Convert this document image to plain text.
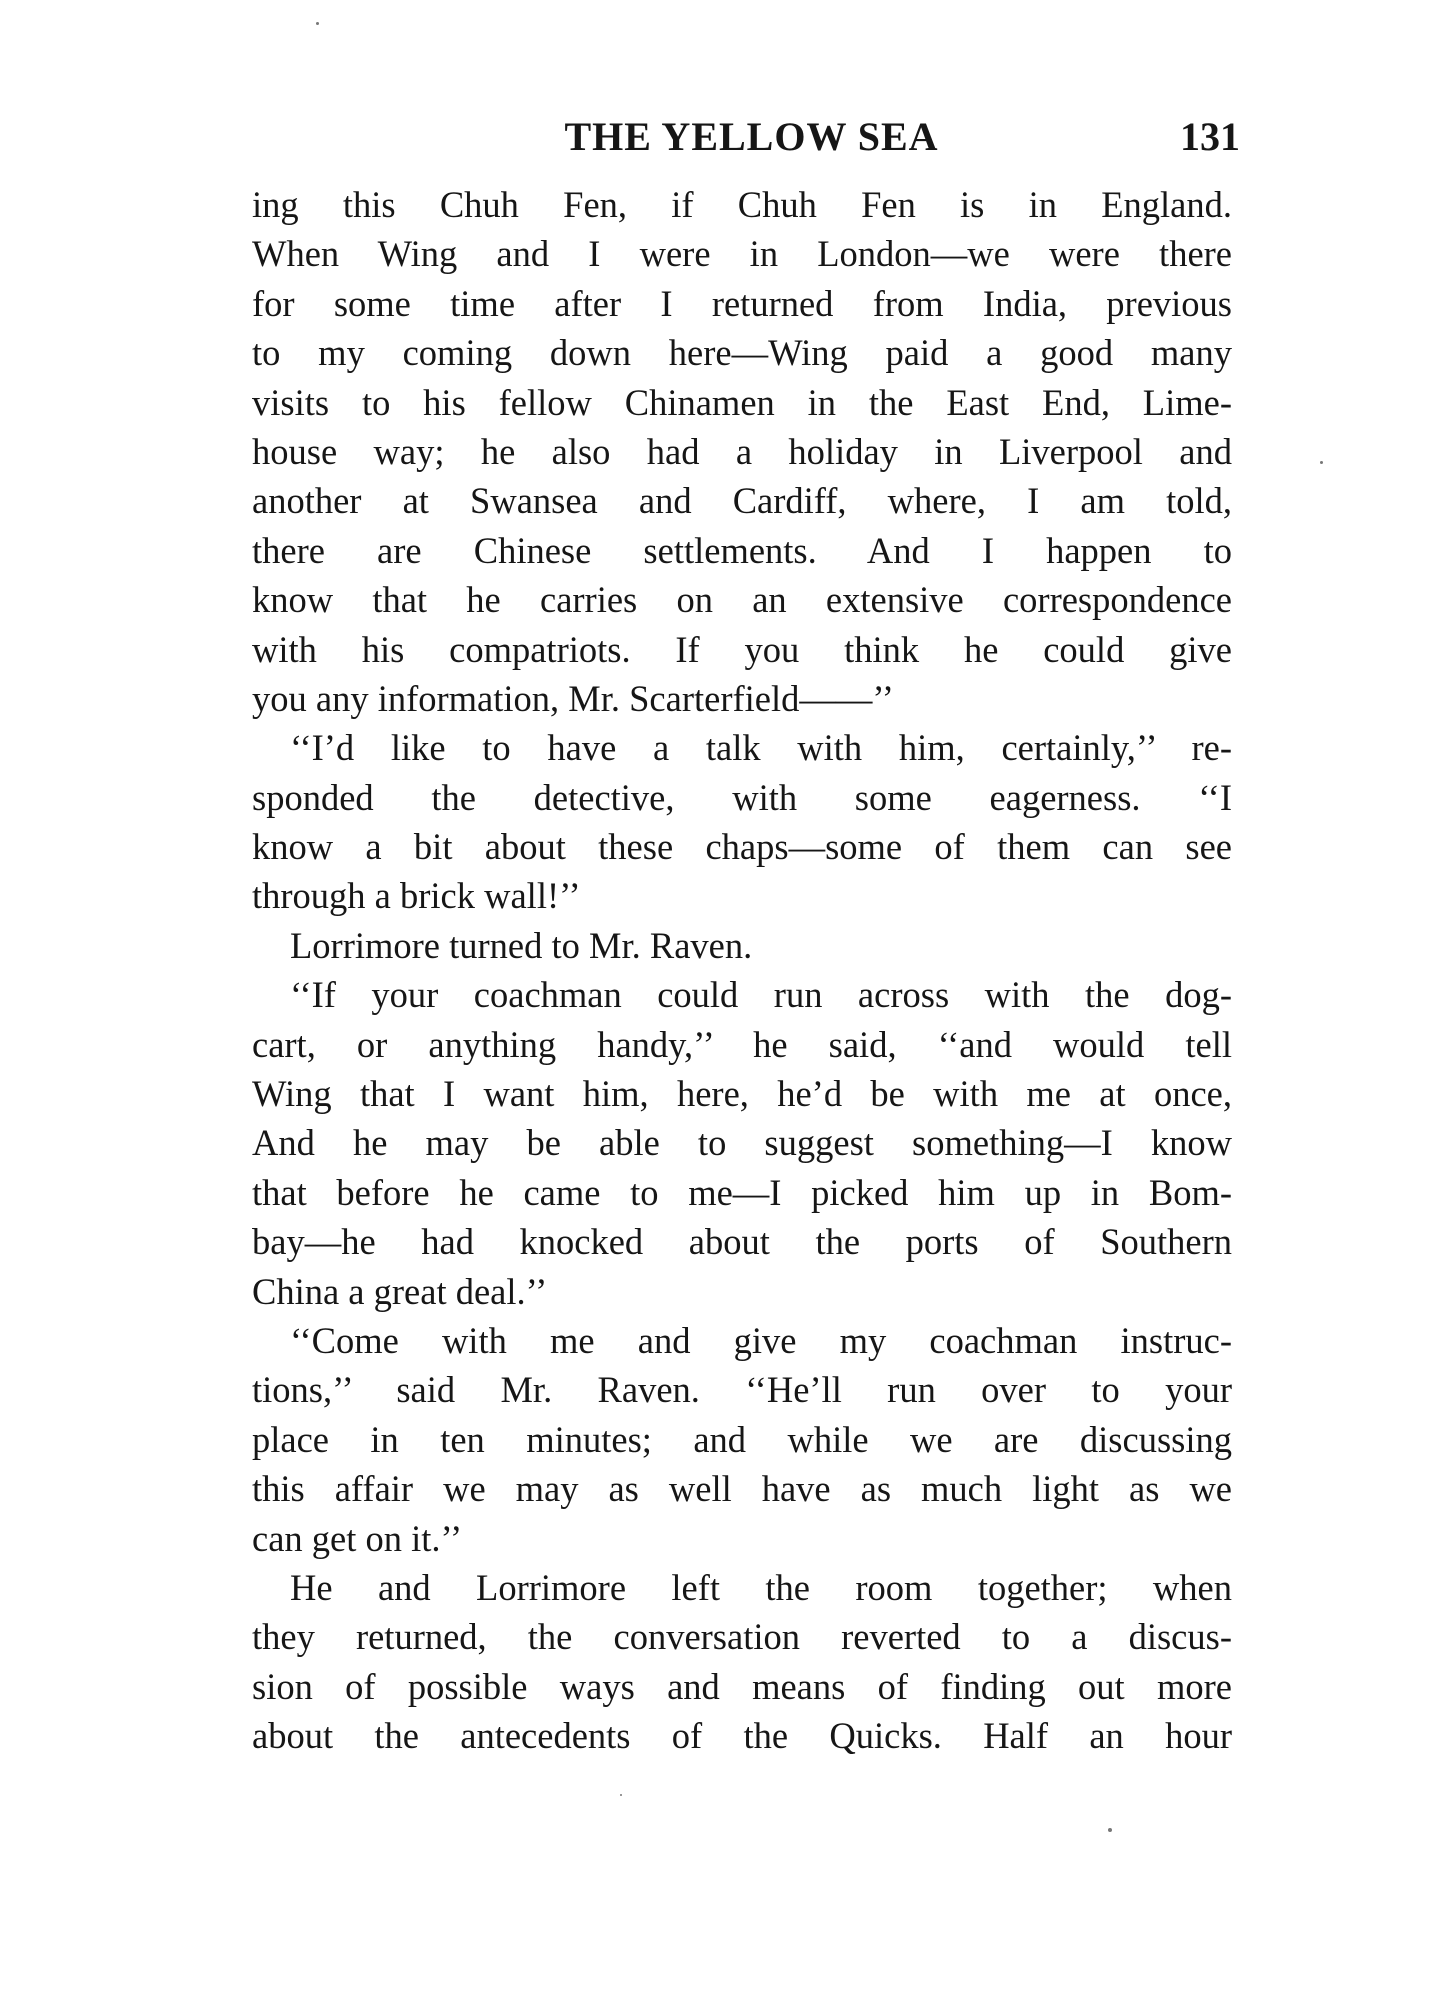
THE YELLOW SEA	131
ing this Chuh Fen, if Chuh Fen is in England.
When Wing and I were in London—we were there
for some time after I returned from India, previous
to my coming down here—Wing paid a good many
visits to his fellow Chinamen in the East End, Lime-
house way; he also had a holiday in Liverpool and
another at Swansea and Cardiff, where, I am told,
there are Chinese settlements. And I happen to
know that he carries on an extensive correspondence
with his compatriots. If you think he could give
you any information, Mr. Scarterfield——’’
‘‘I’d like to have a talk with him, certainly,’’ re-
sponded the detective, with some eagerness. ‘‘I
know a bit about these chaps—some of them can see
through a brick wall!’’
Lorrimore turned to Mr. Raven.
‘‘If your coachman could run across with the dog-
cart, or anything handy,’’ he said, ‘‘and would tell
Wing that I want him, here, he’d be with me at once,
And he may be able to suggest something—I know
that before he came to me—I picked him up in Bom-
bay—he had knocked about the ports of Southern
China a great deal.’’
‘‘Come with me and give my coachman instruc-
tions,’’ said Mr. Raven. ‘‘He’ll run over to your
place in ten minutes; and while we are discussing
this affair we may as well have as much light as we
can get on it.’’
He and Lorrimore left the room together; when
they returned, the conversation reverted to a discus-
sion of possible ways and means of finding out more
about the antecedents of the Quicks. Half an hour
